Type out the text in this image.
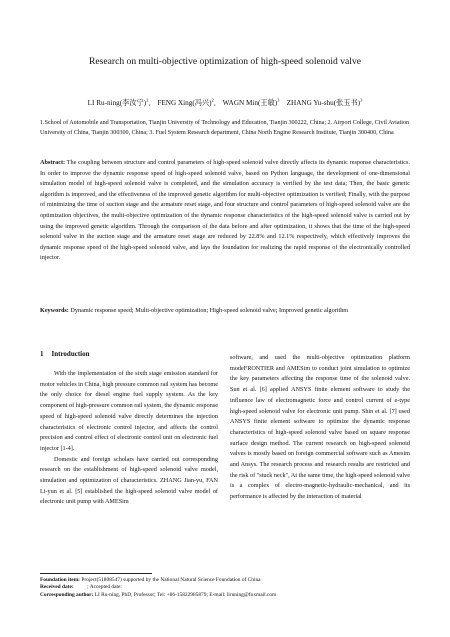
Research on multi-objective optimization of high-speed solenoid valve
LI Ru-ning(李汝宁)$^1$,    FENG Xing(冯兴)$^2$,    WAGN Min(王敏)$^3$ ZHANG Yu-shu(张玉书)$^3$
1.School of Automobile and Transportation, Tianjin University of Technology and Education, Tianjin 300222, China; 2. Airport College, Civil Aviation University of China, Tianjin 300300, China; 3. Fuel System Research department, China North Engine Research Institute, Tianjin 300400, China
Abstract: The coupling between structure and control parameters of high-speed solenoid valve directly affects its dynamic response characteristics. In order to improve the dynamic response speed of high-speed solenoid valve, based on Python language, the development of one-dimensional simulation model of high-speed solenoid valve is completed, and the simulation accuracy is verified by the test data; Then, the basic genetic algorithm is improved, and the effectiveness of the improved genetic algorithm for multi-objective optimization is verified; Finally, with the purpose of minimizing the time of suction stage and the armature reset stage, and four structure and control parameters of high-speed solenoid valve are the optimization objectives, the multi-objective optimization of the dynamic response characteristics of the high-speed solenoid valve is carried out by using the improved genetic algorithm. Through the comparison of the data before and after optimization, it shows that the time of the high-speed solenoid valve in the suction stage and the armature reset stage are reduced by 22.8% and 12.1% respectively, which effectively improves the dynamic response speed of the high-speed solenoid valve, and lays the foundation for realizing the rapid response of the electronically controlled injector.
Keywords: Dynamic response speed; Multi-objective optimization; High-speed solenoid valve; Improved genetic algorithm
1 Introduction

With the implementation of the sixth stage emission standard for motor vehicles in China, high pressure common rail system has become the only choice for diesel engine fuel supply system. As the key component of high-pressure common rail system, the dynamic response speed of high-speed solenoid valve directly determines the injection characteristics of electronic control injector, and affects the control precision and control effect of electronic control unit on electronic fuel injector [1-4].

Domestic and foreign scholars have carried out corresponding research on the establishment of high-speed solenoid valve model, simulation and optimization of characteristics. ZHANG Jian-yu, FAN Li-yun et al. [5] established the high-speed solenoid valve model of electronic unit pump with AMESim

software, and used the multi-objective optimization platform modeFRONTIER and AMESim to conduct joint simulation to optimize the key parameters affecting the response time of the solenoid valve. Sun et al. [6] applied ANSYS finite element software to study the influence law of electromagnetic force and control current of e-type high-speed solenoid valve for electronic unit pump. Shin et al. [7] used ANSYS finite element software to optimize the dynamic response characteristics of high-speed solenoid valve based on square response surface design method. The current research on high-speed solenoid valves is mostly based on foreign commercial software such as Amesim and Ansys. The research process and research results are restricted and the risk of "stuck neck", At the same time, the high-speed solenoid valve is a complex of electro-magnetic-hydraulic-mechanical, and its performance is affected by the interaction of material

Foundation item: Project(51808547) supported by the National Natural Science Foundation of China
Received date: ; Accepted date:
Corresponding author: LI Ru-ning, PhD, Professor; Tel: +86-15822985879; E-mail: liruning@foxmail.com
